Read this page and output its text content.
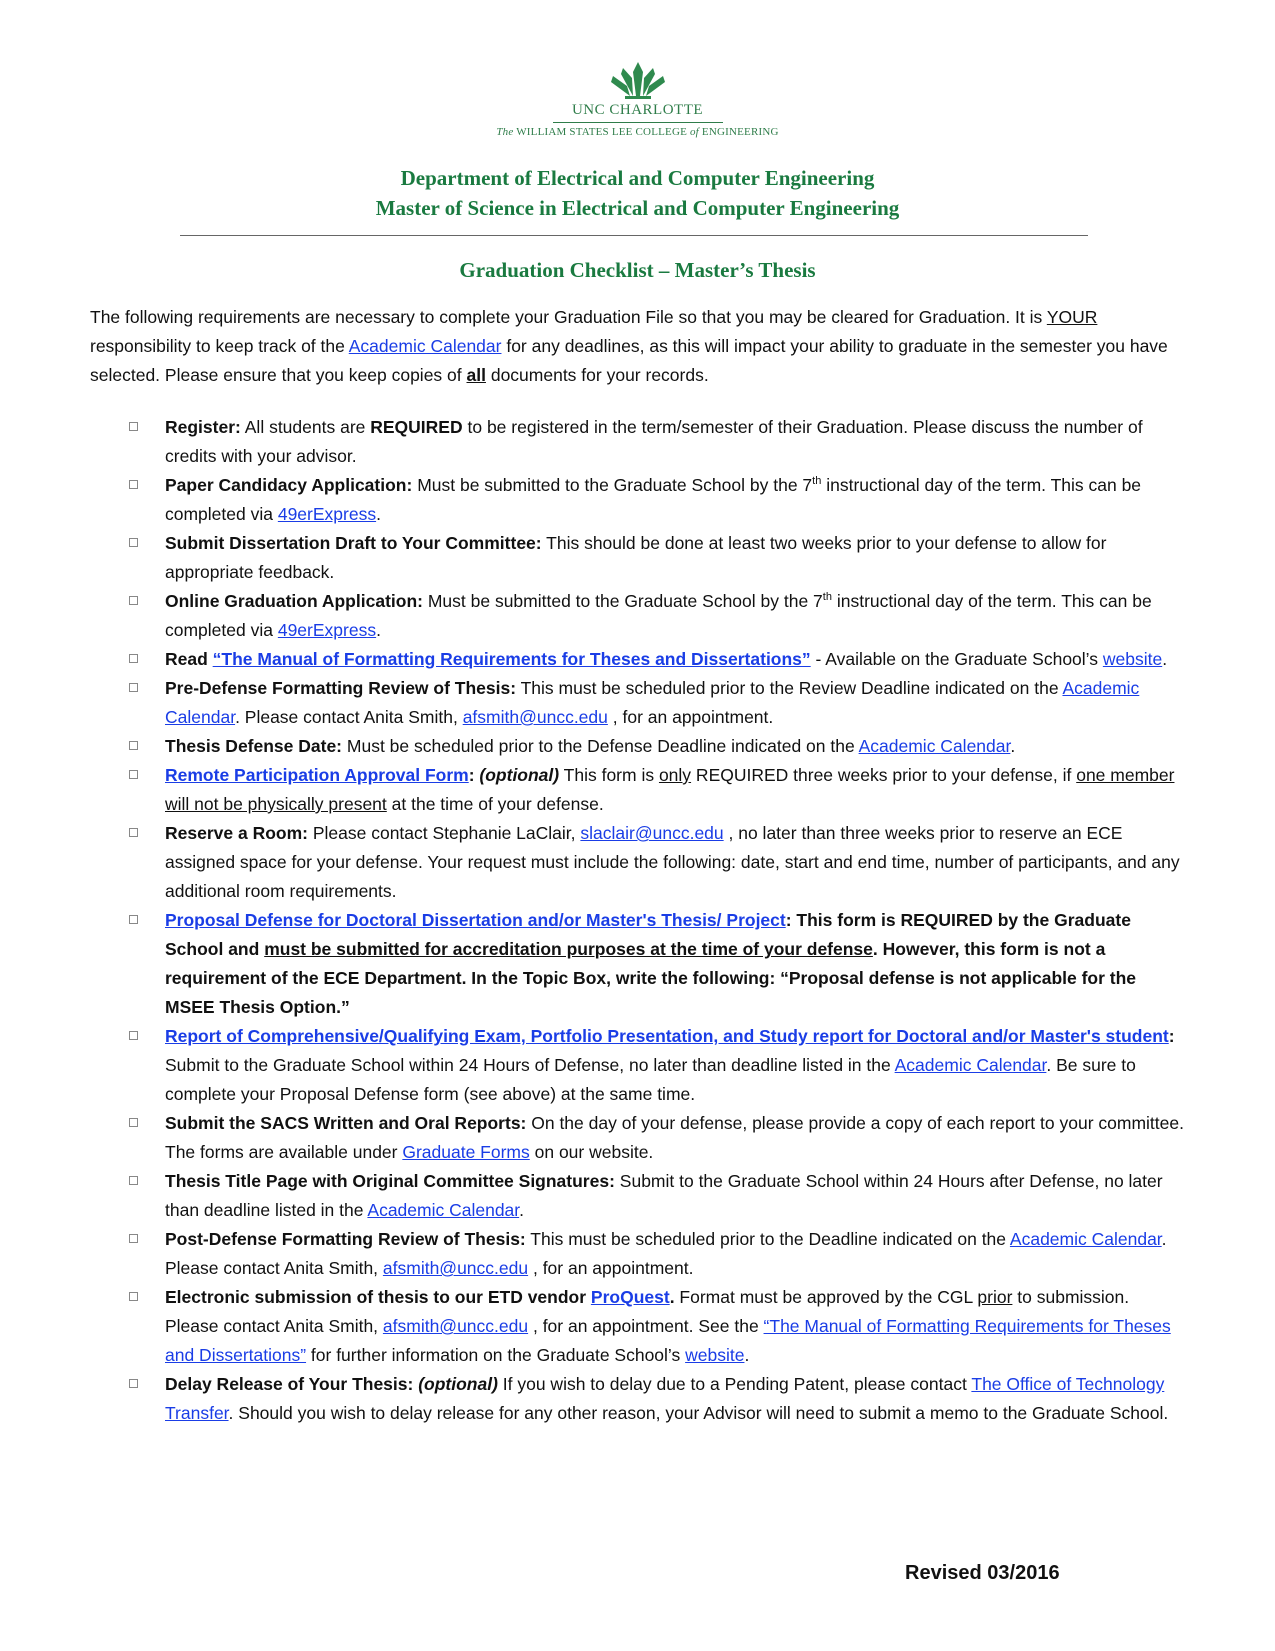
UNC CHARLOTTE
The WILLIAM STATES LEE COLLEGE of ENGINEERING
Department of Electrical and Computer Engineering
Master of Science in Electrical and Computer Engineering
Graduation Checklist – Master’s Thesis
The following requirements are necessary to complete your Graduation File so that you may be cleared for Graduation. It is YOUR responsibility to keep track of the Academic Calendar for any deadlines, as this will impact your ability to graduate in the semester you have selected. Please ensure that you keep copies of all documents for your records.
Register: All students are REQUIRED to be registered in the term/semester of their Graduation. Please discuss the number of credits with your advisor.
Paper Candidacy Application: Must be submitted to the Graduate School by the 7th instructional day of the term. This can be completed via 49erExpress.
Submit Dissertation Draft to Your Committee: This should be done at least two weeks prior to your defense to allow for appropriate feedback.
Online Graduation Application: Must be submitted to the Graduate School by the 7th instructional day of the term. This can be completed via 49erExpress.
Read “The Manual of Formatting Requirements for Theses and Dissertations” - Available on the Graduate School’s website.
Pre-Defense Formatting Review of Thesis: This must be scheduled prior to the Review Deadline indicated on the Academic Calendar. Please contact Anita Smith, afsmith@uncc.edu , for an appointment.
Thesis Defense Date: Must be scheduled prior to the Defense Deadline indicated on the Academic Calendar.
Remote Participation Approval Form: (optional) This form is only REQUIRED three weeks prior to your defense, if one member will not be physically present at the time of your defense.
Reserve a Room: Please contact Stephanie LaClair, slaclair@uncc.edu , no later than three weeks prior to reserve an ECE assigned space for your defense. Your request must include the following: date, start and end time, number of participants, and any additional room requirements.
Proposal Defense for Doctoral Dissertation and/or Master's Thesis/ Project: This form is REQUIRED by the Graduate School and must be submitted for accreditation purposes at the time of your defense. However, this form is not a requirement of the ECE Department. In the Topic Box, write the following: “Proposal defense is not applicable for the MSEE Thesis Option.”
Report of Comprehensive/Qualifying Exam, Portfolio Presentation, and Study report for Doctoral and/or Master's student: Submit to the Graduate School within 24 Hours of Defense, no later than deadline listed in the Academic Calendar. Be sure to complete your Proposal Defense form (see above) at the same time.
Submit the SACS Written and Oral Reports: On the day of your defense, please provide a copy of each report to your committee. The forms are available under Graduate Forms on our website.
Thesis Title Page with Original Committee Signatures: Submit to the Graduate School within 24 Hours after Defense, no later than deadline listed in the Academic Calendar.
Post-Defense Formatting Review of Thesis: This must be scheduled prior to the Deadline indicated on the Academic Calendar. Please contact Anita Smith, afsmith@uncc.edu , for an appointment.
Electronic submission of thesis to our ETD vendor ProQuest. Format must be approved by the CGL prior to submission. Please contact Anita Smith, afsmith@uncc.edu , for an appointment. See the “The Manual of Formatting Requirements for Theses and Dissertations” for further information on the Graduate School’s website.
Delay Release of Your Thesis: (optional) If you wish to delay due to a Pending Patent, please contact The Office of Technology Transfer. Should you wish to delay release for any other reason, your Advisor will need to submit a memo to the Graduate School.
Revised 03/2016
